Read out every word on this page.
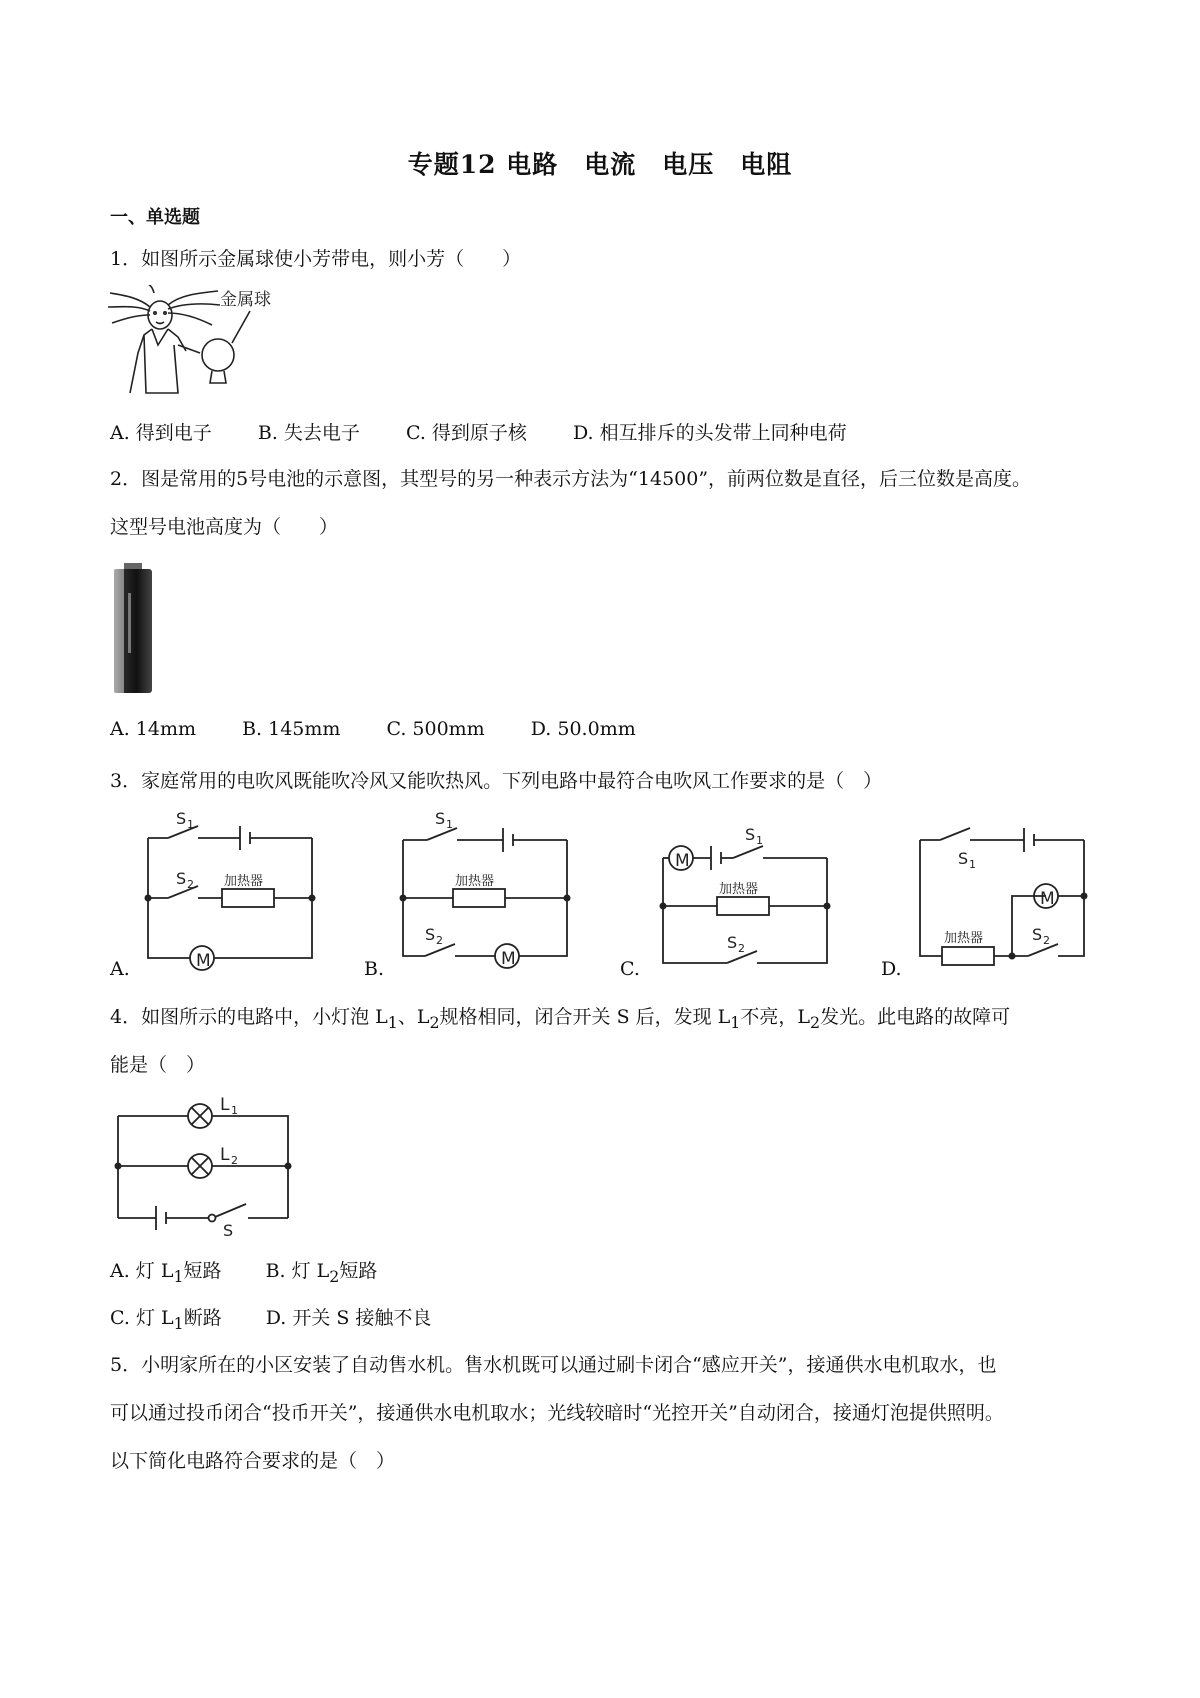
专题12 电路　电流　电压　电阻
一、单选题
1．如图所示金属球使小芳带电，则小芳（　　）
金属球
A. 得到电子 B. 失去电子 C. 得到原子核 D. 相互排斥的头发带上同种电荷
2．图是常用的5号电池的示意图，其型号的另一种表示方法为“14500”，前两位数是直径，后三位数是高度。
这型号电池高度为（　　）
A. 14mm B. 145mm C. 500mm D. 50.0mm
3．家庭常用的电吹风既能吹冷风又能吹热风。下列电路中最符合电吹风工作要求的是（　）
M
加热器
S 1
S 2
A.	M
加热器
S 1
S 2
B.
M
加热器
S 1
S 2
C.
M
加热器
S 1
S 2
D.
4．如图所示的电路中，小灯泡 $L_1$、$L_2$规格相同，闭合开关 S 后，发现 $L_1$不亮，$L_2$发光。此电路的故障可
能是（　）
L 1
L 2
S
A. 灯 $L_1$短路 B. 灯 $L_2$短路
C. 灯 $L_1$断路 D. 开关 S 接触不良
5．小明家所在的小区安装了自动售水机。售水机既可以通过刷卡闭合“感应开关”，接通供水电机取水，也
可以通过投币闭合“投币开关”，接通供水电机取水；光线较暗时“光控开关”自动闭合，接通灯泡提供照明。
以下简化电路符合要求的是（　）
